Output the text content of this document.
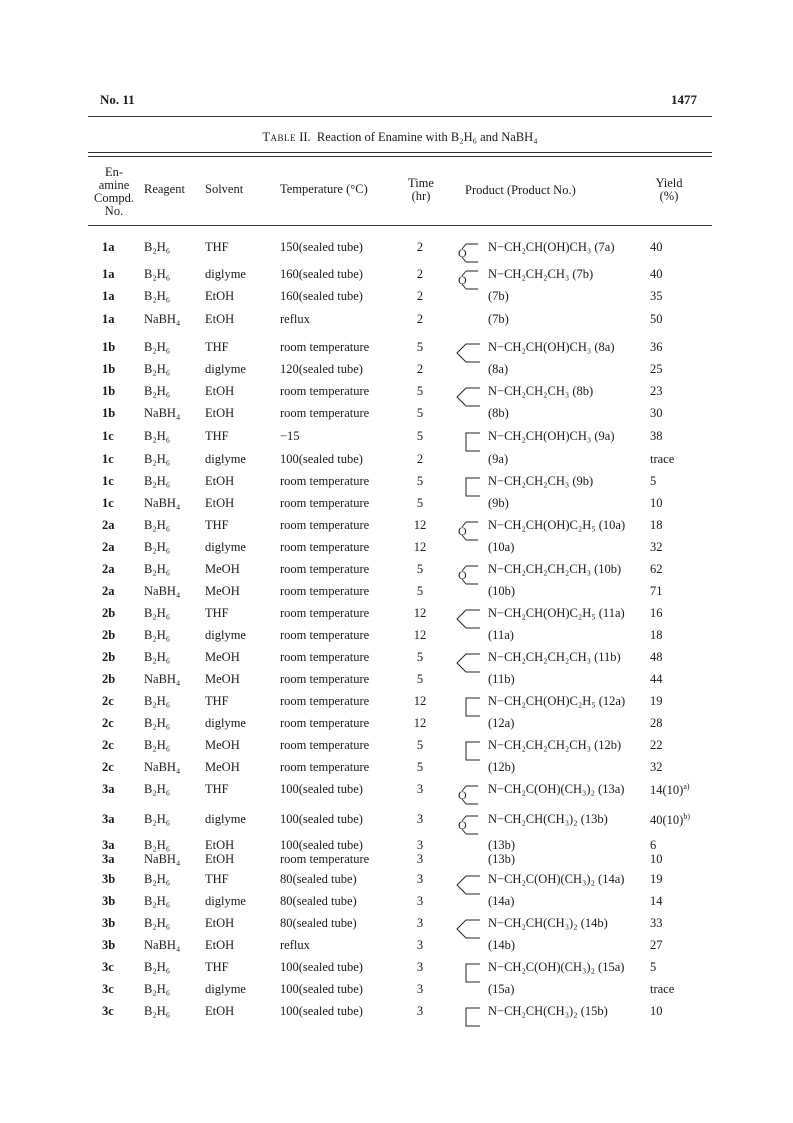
No. 11	1477
Table II. Reaction of Enamine with B₂H₆ and NaBH₄
En-
amine
Compd.
No.
Reagent Solvent	Temperature (°C)	Time
(hr)	Product (Product No.)	Yield
(%)
1a B₂H₆	THF	150(sealed tube)	2	N−CH₂CH(OH)CH₃ (7a)	40
O
1a B₂H₆	diglyme	160(sealed tube)	2	N−CH₂CH₂CH₃ (7b)	40
O
1a B₂H₆	EtOH	160(sealed tube)	2	(7b)	35
1a NaBH₄ EtOH	reflux	2	(7b)	50
1b B₂H₆	THF	room temperature	5	N−CH₂CH(OH)CH₃ (8a)	36
1b B₂H₆	diglyme	120(sealed tube)	2	(8a)	25
1b B₂H₆	EtOH	room temperature	5	N−CH₂CH₂CH₃ (8b)	23
1b NaBH₄ EtOH	room temperature	5	(8b)	30
1c B₂H₆	THF	−15	5	N−CH₂CH(OH)CH₃ (9a)	38
1c B₂H₆	diglyme	100(sealed tube)	2	(9a)	trace
1c B₂H₆	EtOH	room temperature	5	N−CH₂CH₂CH₃ (9b)	5
1c NaBH₄ EtOH	room temperature	5	(9b)	10
2a B₂H₆	THF	room temperature	12	N−CH₂CH(OH)C₂H₅ (10a) 18
O
2a B₂H₆	diglyme	room temperature	12	(10a)	32
2a B₂H₆	MeOH	room temperature	5	N−CH₂CH₂CH₂CH₃ (10b) 62
O
2a NaBH₄ MeOH	room temperature	5	(10b)	71
2b B₂H₆	THF	room temperature	12	N−CH₂CH(OH)C₂H₅ (11a) 16
2b B₂H₆	diglyme	room temperature	12	(11a)	18
2b B₂H₆	MeOH	room temperature	5	N−CH₂CH₂CH₂CH₃ (11b) 48
2b NaBH₄ MeOH	room temperature	5	(11b)	44
2c B₂H₆	THF	room temperature	12	N−CH₂CH(OH)C₂H₅ (12a) 19
2c B₂H₆	diglyme	room temperature	12	(12a)	28
2c B₂H₆	MeOH	room temperature	5	N−CH₂CH₂CH₂CH₃ (12b) 22
2c NaBH₄ MeOH	room temperature	5	(12b)	32
3a B₂H₆	THF	100(sealed tube)	3	N−CH₂C(OH)(CH₃)₂ (13a) $14(10)^{a)}$
O
3a B₂H₆	diglyme	100(sealed tube)	3	N−CH₂CH(CH₃)₂ (13b)	$40(10)^{b)}$
O
3a B₂H₆	EtOH	100(sealed tube)	3	(13b)	6
3a NaBH₄ EtOH	room temperature	3	(13b)	10
3b B₂H₆	THF	80(sealed tube)	3	N−CH₂C(OH)(CH₃)₂ (14a) 19
3b B₂H₆	diglyme	80(sealed tube)	3	(14a)	14
3b B₂H₆	EtOH	80(sealed tube)	3	N−CH₂CH(CH₃)₂ (14b)	33
3b NaBH₄ EtOH	reflux	3	(14b)	27
3c B₂H₆	THF	100(sealed tube)	3	N−CH₂C(OH)(CH₃)₂ (15a) 5
3c B₂H₆	diglyme	100(sealed tube)	3	(15a)	trace
3c B₂H₆	EtOH	100(sealed tube)	3	N−CH₂CH(CH₃)₂ (15b)	10
